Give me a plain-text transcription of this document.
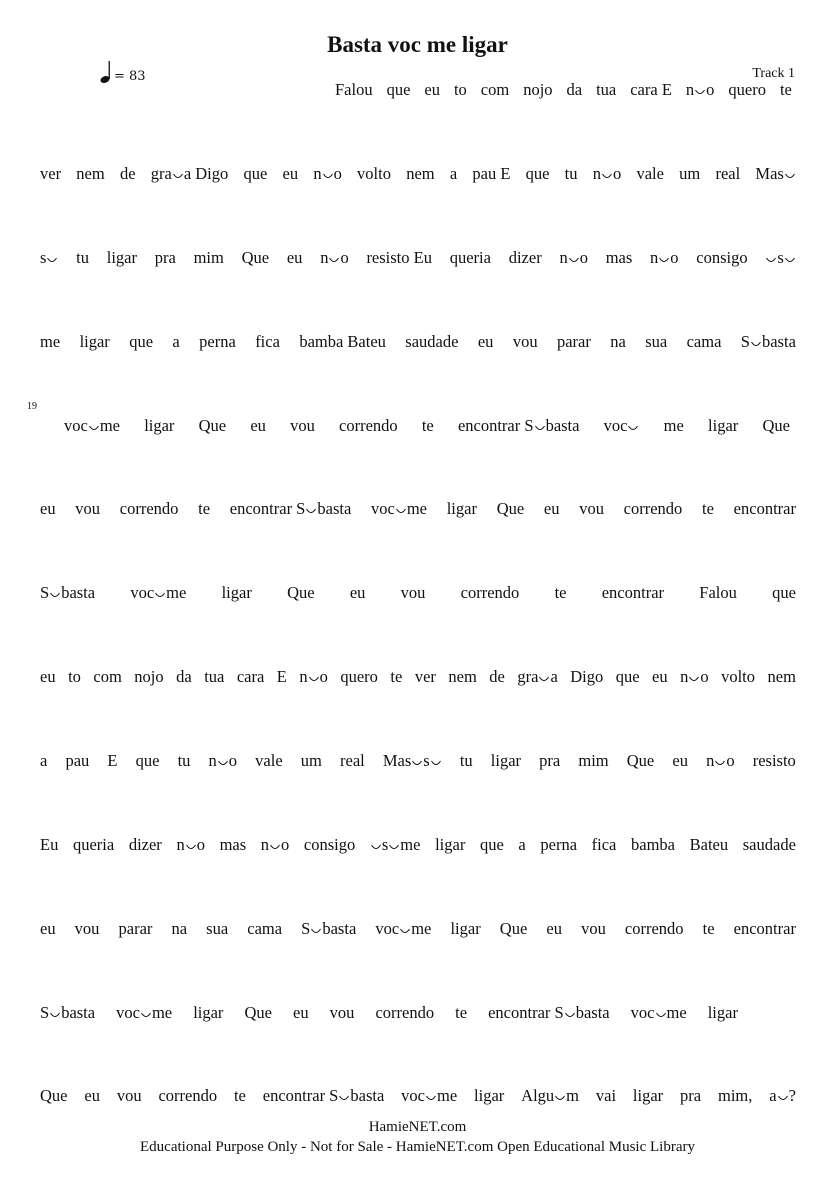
Basta voc me ligar
= 83	Track 1
19
Falou que eu to com nojo da tua cara E n o quero te
ver nem de gra a Digo que eu n o volto nem a pau E que tu n o vale um real Mas
s	tu ligar pra mim Que eu n o resisto Eu queria dizer n o mas n o consigo	s
me ligar que a perna fica bamba Bateu saudade eu vou parar na sua cama S basta
voc me ligar Que eu vou correndo te encontrar S basta voc	me ligar Que
eu vou correndo te encontrar S basta voc me ligar Que eu vou correndo te encontrar
S basta voc me ligar Que eu vou correndo te encontrar Falou que
eu to com nojo da tua cara E n o quero te ver nem de gra a Digo que eu n o volto nem
a pau E que tu n o vale um real Mas s	tu ligar pra mim Que eu n o resisto
Eu queria dizer n o mas n o consigo	s me ligar que a perna fica bamba Bateu saudade
eu vou parar na sua cama S basta voc me ligar Que eu vou correndo te encontrar
S basta voc me ligar Que eu vou correndo te encontrar S basta voc me ligar
Que eu vou correndo te encontrar S basta voc me ligar Algu m vai ligar pra mim, a ?
HamieNET.com
Educational Purpose Only - Not for Sale - HamieNET.com Open Educational Music Library
